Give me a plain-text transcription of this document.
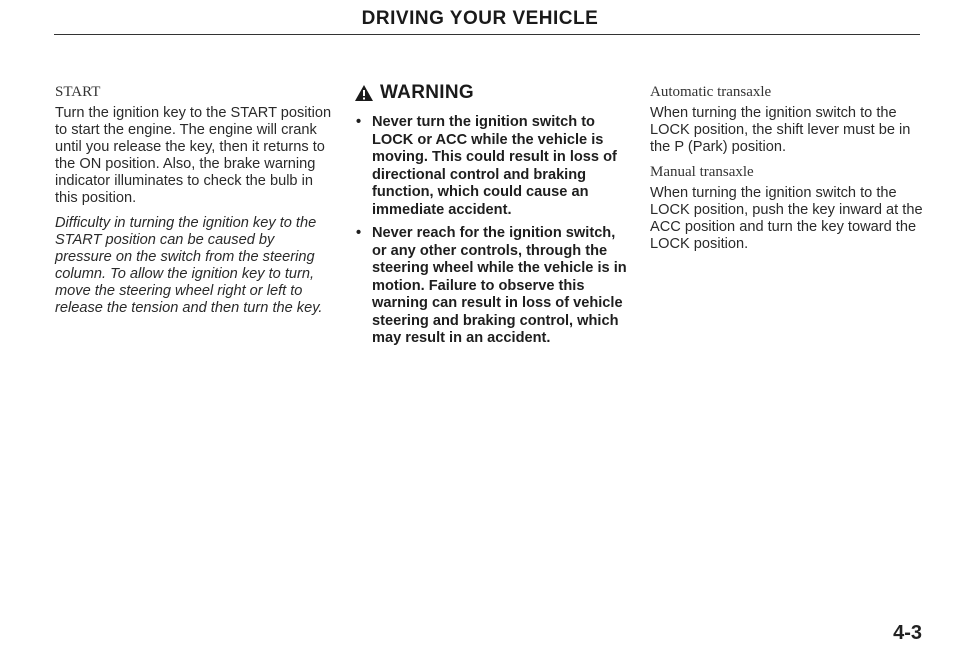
DRIVING YOUR VEHICLE
START

Turn the ignition key to the START position to start the engine. The engine will crank until you release the key, then it returns to the ON position. Also, the brake warning indicator illuminates to check the bulb in this position.

Difficulty in turning the ignition key to the START position can be caused by pressure on the switch from the steering column. To allow the ignition key to turn, move the steering wheel right or left to release the tension and then turn the key.

WARNING
• Never turn the ignition switch to LOCK or ACC while the vehicle is moving. This could result in loss of directional control and braking function, which could cause an immediate accident.
• Never reach for the ignition switch, or any other controls, through the steering wheel while the vehicle is in motion. Failure to observe this warning can result in loss of vehicle steering and braking control, which may result in an accident.
Automatic transaxle

When turning the ignition switch to the LOCK position, the shift lever must be in the P (Park) position.

Manual transaxle

When turning the ignition switch to the LOCK position, push the key inward at the ACC position and turn the key toward the LOCK position.

4-3
